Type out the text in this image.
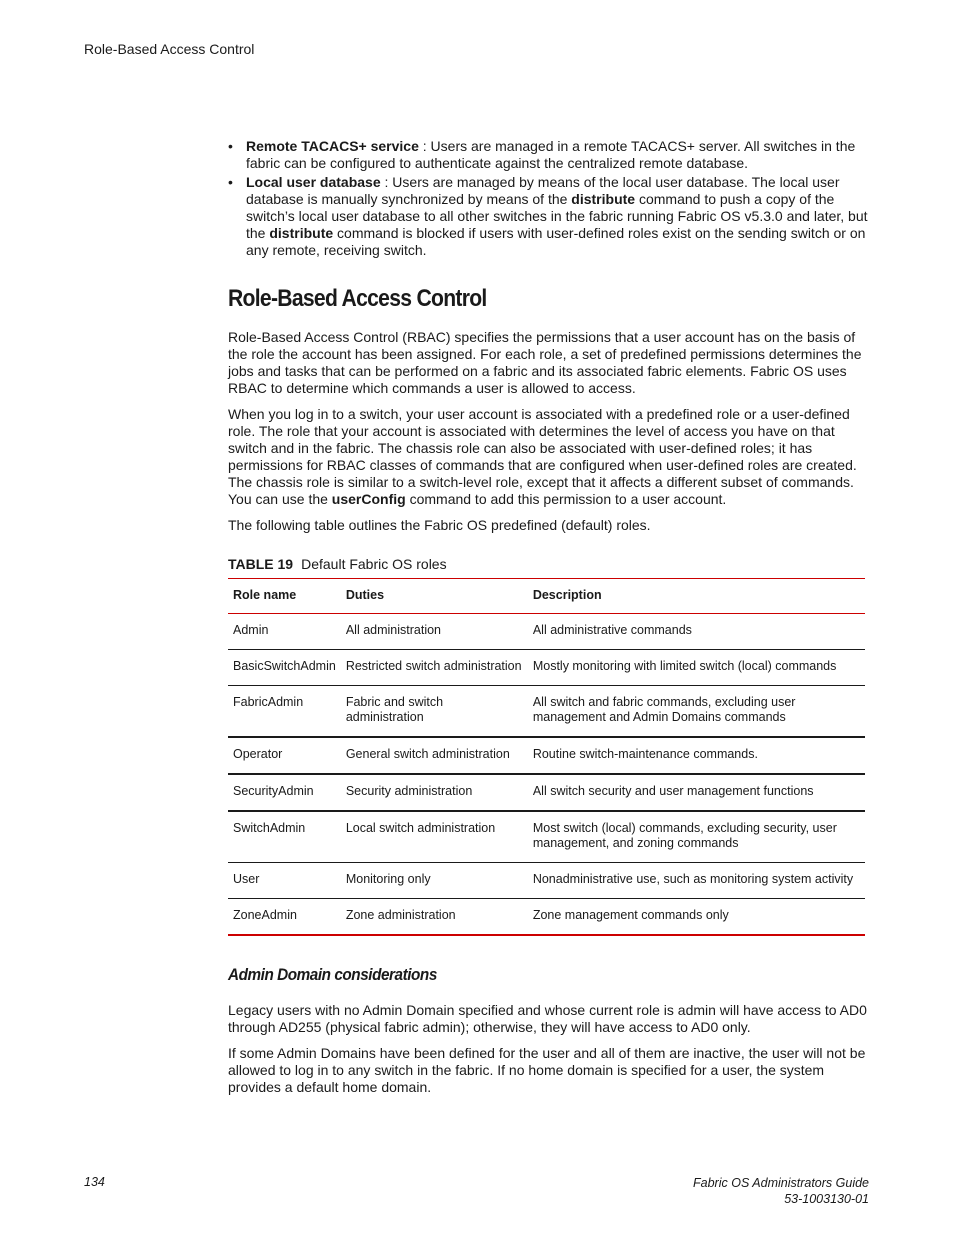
Role-Based Access Control
• Remote TACACS+ service : Users are managed in a remote TACACS+ server. All switches in the fabric can be configured to authenticate against the centralized remote database.
• Local user database : Users are managed by means of the local user database. The local user database is manually synchronized by means of the distribute command to push a copy of the switch’s local user database to all other switches in the fabric running Fabric OS v5.3.0 and later, but the distribute command is blocked if users with user-defined roles exist on the sending switch or on any remote, receiving switch.
Role-Based Access Control

Role-Based Access Control (RBAC) specifies the permissions that a user account has on the basis of the role the account has been assigned. For each role, a set of predefined permissions determines the jobs and tasks that can be performed on a fabric and its associated fabric elements. Fabric OS uses RBAC to determine which commands a user is allowed to access.

When you log in to a switch, your user account is associated with a predefined role or a user-defined role. The role that your account is associated with determines the level of access you have on that switch and in the fabric. The chassis role can also be associated with user-defined roles; it has permissions for RBAC classes of commands that are configured when user-defined roles are created. The chassis role is similar to a switch-level role, except that it affects a different subset of commands. You can use the userConfig command to add this permission to a user account.

The following table outlines the Fabric OS predefined (default) roles.

TABLE 19 Default Fabric OS roles
Role name	Duties	Description
Admin	All administration	All administrative commands
BasicSwitchAdmin	Restricted switch administration	Mostly monitoring with limited switch (local) commands
FabricAdmin	Fabric and switch administration	All switch and fabric commands, excluding user management and Admin Domains commands
Operator	General switch administration	Routine switch-maintenance commands.
SecurityAdmin	Security administration	All switch security and user management functions
SwitchAdmin	Local switch administration	Most switch (local) commands, excluding security, user management, and zoning commands
User	Monitoring only	Nonadministrative use, such as monitoring system activity
ZoneAdmin	Zone administration	Zone management commands only
Admin Domain considerations

Legacy users with no Admin Domain specified and whose current role is admin will have access to AD0 through AD255 (physical fabric admin); otherwise, they will have access to AD0 only.

If some Admin Domains have been defined for the user and all of them are inactive, the user will not be allowed to log in to any switch in the fabric. If no home domain is specified for a user, the system provides a default home domain.

134	Fabric OS Administrators Guide
53-1003130-01
